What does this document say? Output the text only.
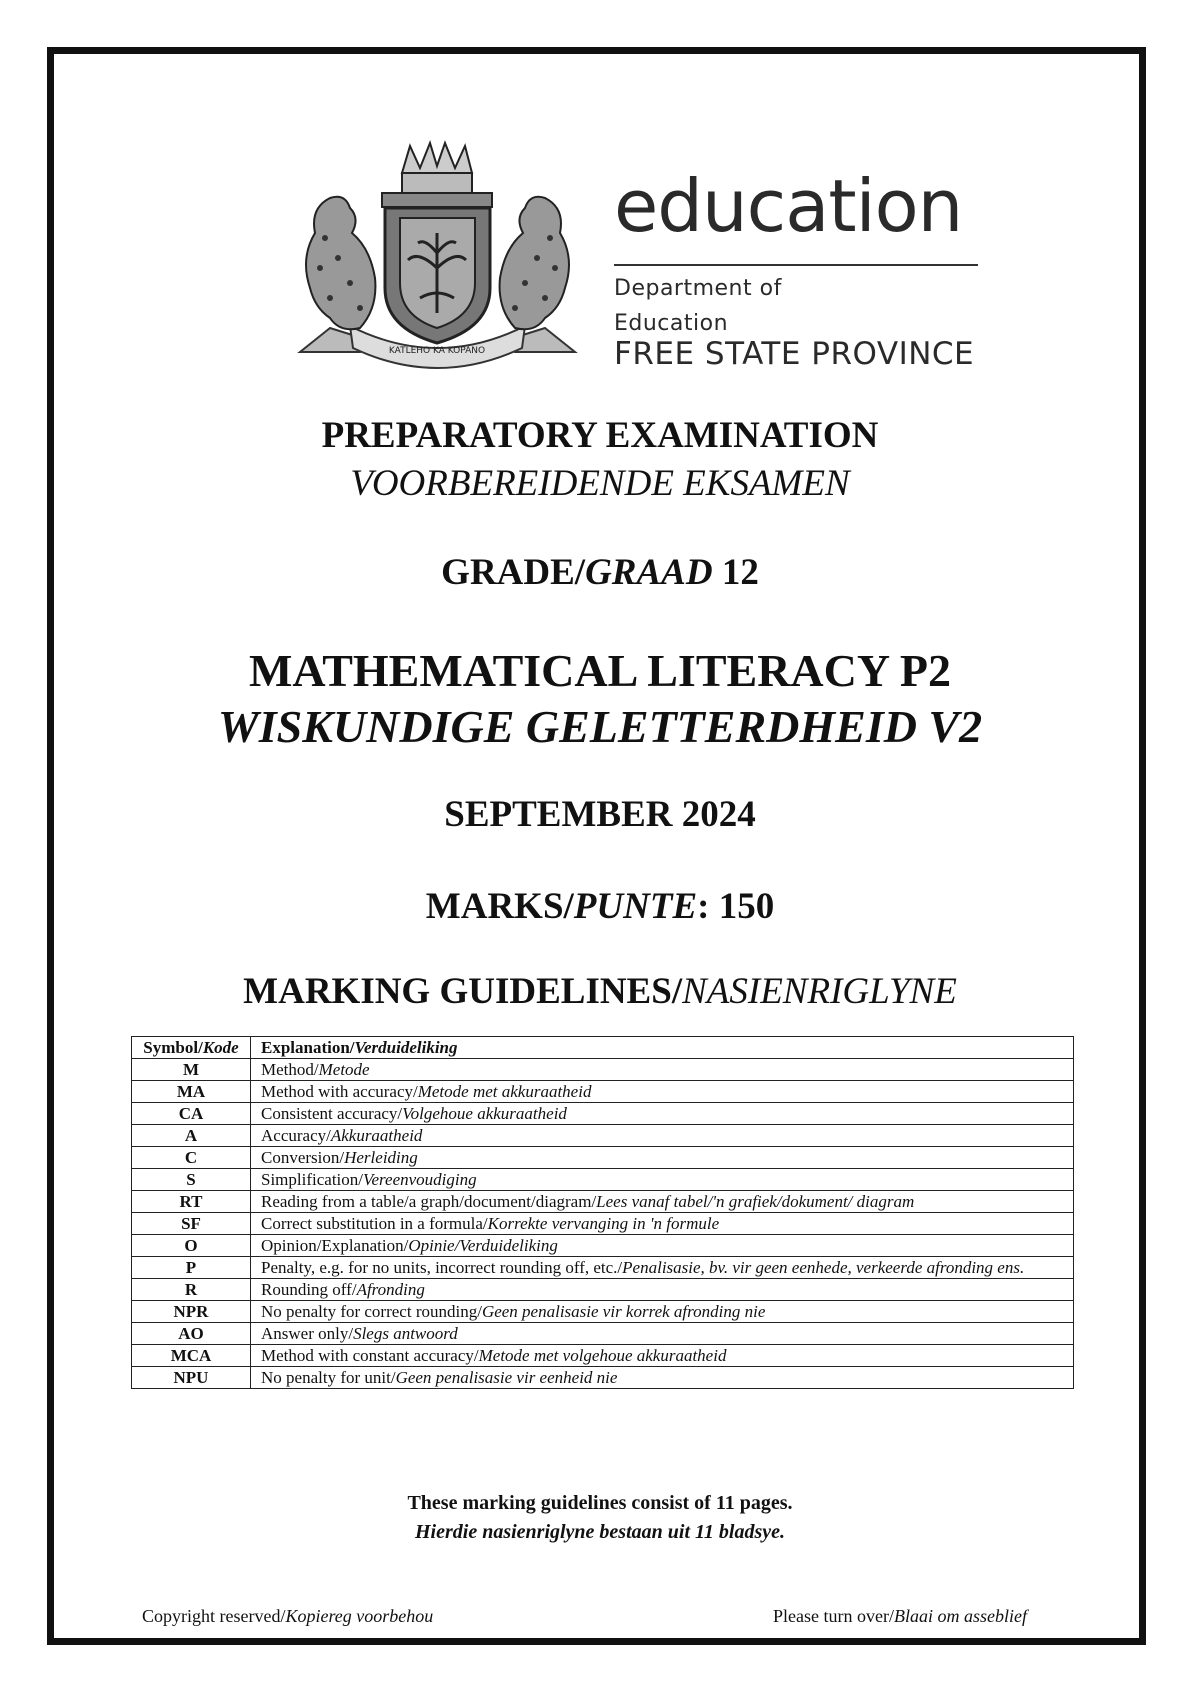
KATLEHO KA KOPANO
education
Department of
Education
FREE STATE PROVINCE
PREPARATORY EXAMINATION
VOORBEREIDENDE EKSAMEN
GRADE/GRAAD 12
MATHEMATICAL LITERACY P2
WISKUNDIGE GELETTERDHEID V2
SEPTEMBER 2024
MARKS/PUNTE: 150
MARKING GUIDELINES/NASIENRIGLYNE
Symbol/Kode	Explanation/Verduideliking
M	Method/Metode
MA	Method with accuracy/Metode met akkuraatheid
CA	Consistent accuracy/Volgehoue akkuraatheid
A	Accuracy/Akkuraatheid
C	Conversion/Herleiding
S	Simplification/Vereenvoudiging
RT	Reading from a table/a graph/document/diagram/Lees vanaf tabel/'n grafiek/dokument/ diagram
SF	Correct substitution in a formula/Korrekte vervanging in 'n formule
O	Opinion/Explanation/Opinie/Verduideliking
P	Penalty, e.g. for no units, incorrect rounding off, etc./Penalisasie, bv. vir geen eenhede, verkeerde afronding ens.
R	Rounding off/Afronding
NPR	No penalty for correct rounding/Geen penalisasie vir korrek afronding nie
AO	Answer only/Slegs antwoord
MCA	Method with constant accuracy/Metode met volgehoue akkuraatheid
NPU	No penalty for unit/Geen penalisasie vir eenheid nie
These marking guidelines consist of 11 pages.
Hierdie nasienriglyne bestaan uit 11 bladsye.
Copyright reserved/Kopiereg voorbehou	Please turn over/Blaai om asseblief
